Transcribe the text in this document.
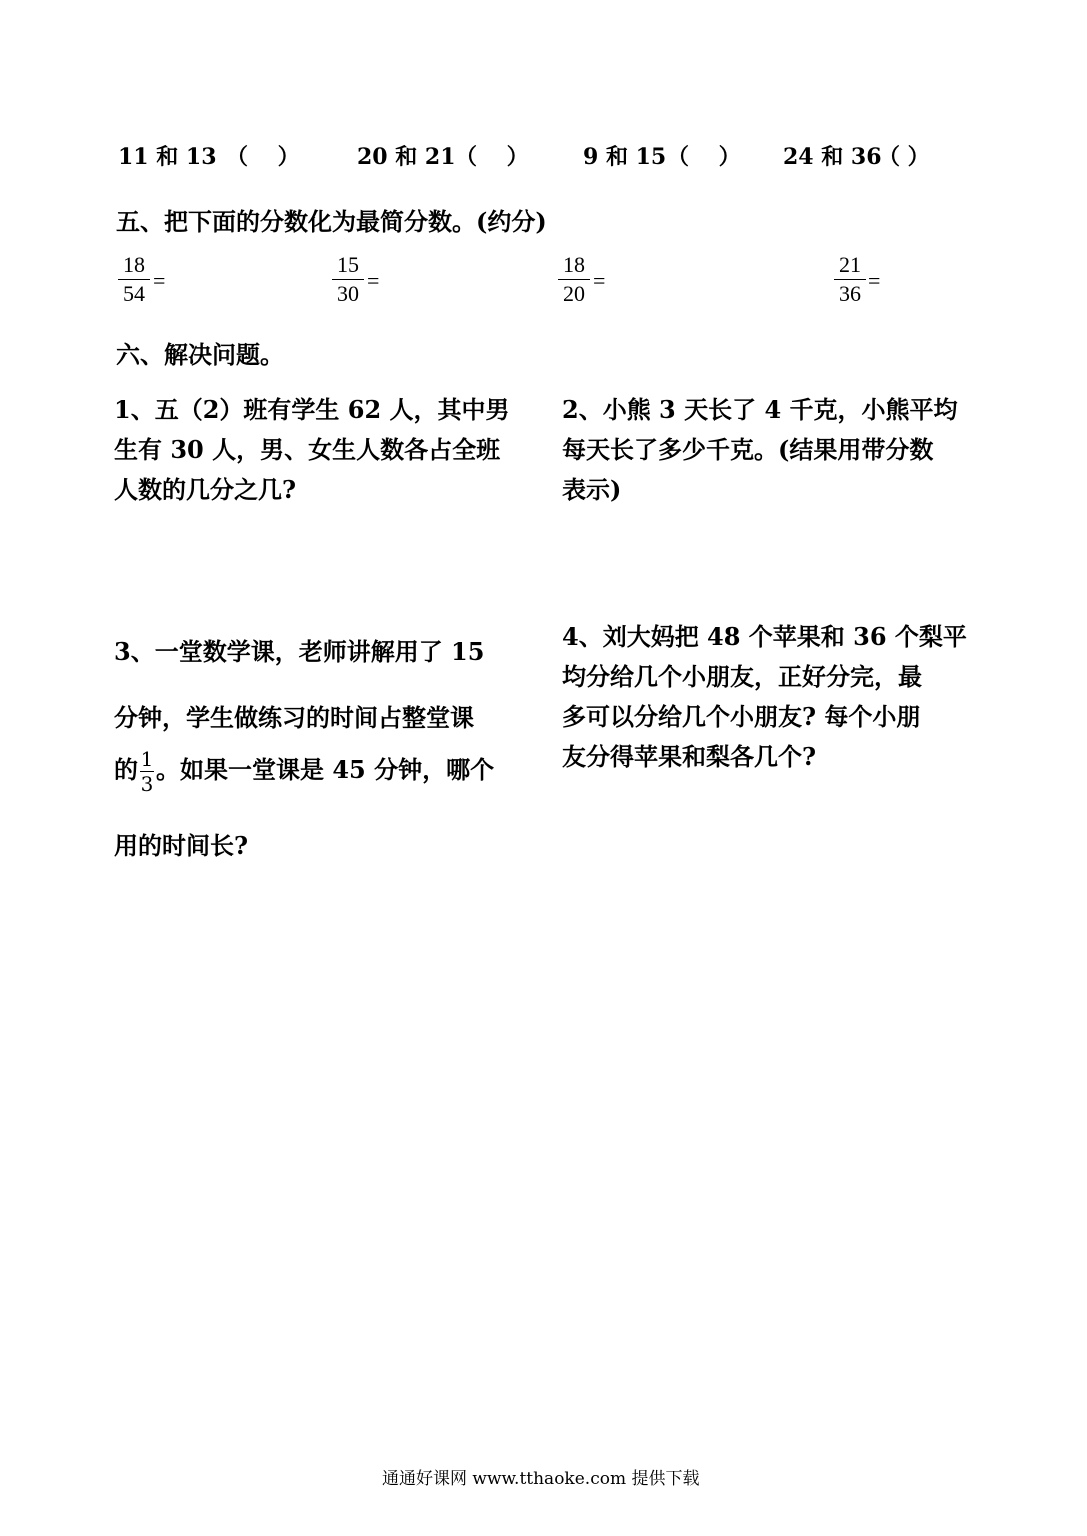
11 和 13 （　 ）	20 和 21 （　 ） 9 和 15 （　 ） 24 和 36
（ ）
五、把下面的分数化为最简分数。(约分)
18
54
=
15
30
=
18
20
=
21
36
=
六、解决问题。
1、五（2）班有学生 62 人，其中男
生有 30 人，男、女生人数各占全班
人数的几分之几?
2、小熊 3 天长了 4 千克，小熊平均
每天长了多少千克。(结果用带分数
表示)
3、一堂数学课，老师讲解用了 15
分钟，学生做练习的时间占整堂课
的 $\frac{1}{3}$ 。如果一堂课是 45 分钟，哪个
用的时间长?
4、刘大妈把 48 个苹果和 36 个梨平
均分给几个小朋友，正好分完，最
多可以分给几个小朋友? 每个小朋
友分得苹果和梨各几个?
通通好课网 www.tthaoke.com 提供下载
